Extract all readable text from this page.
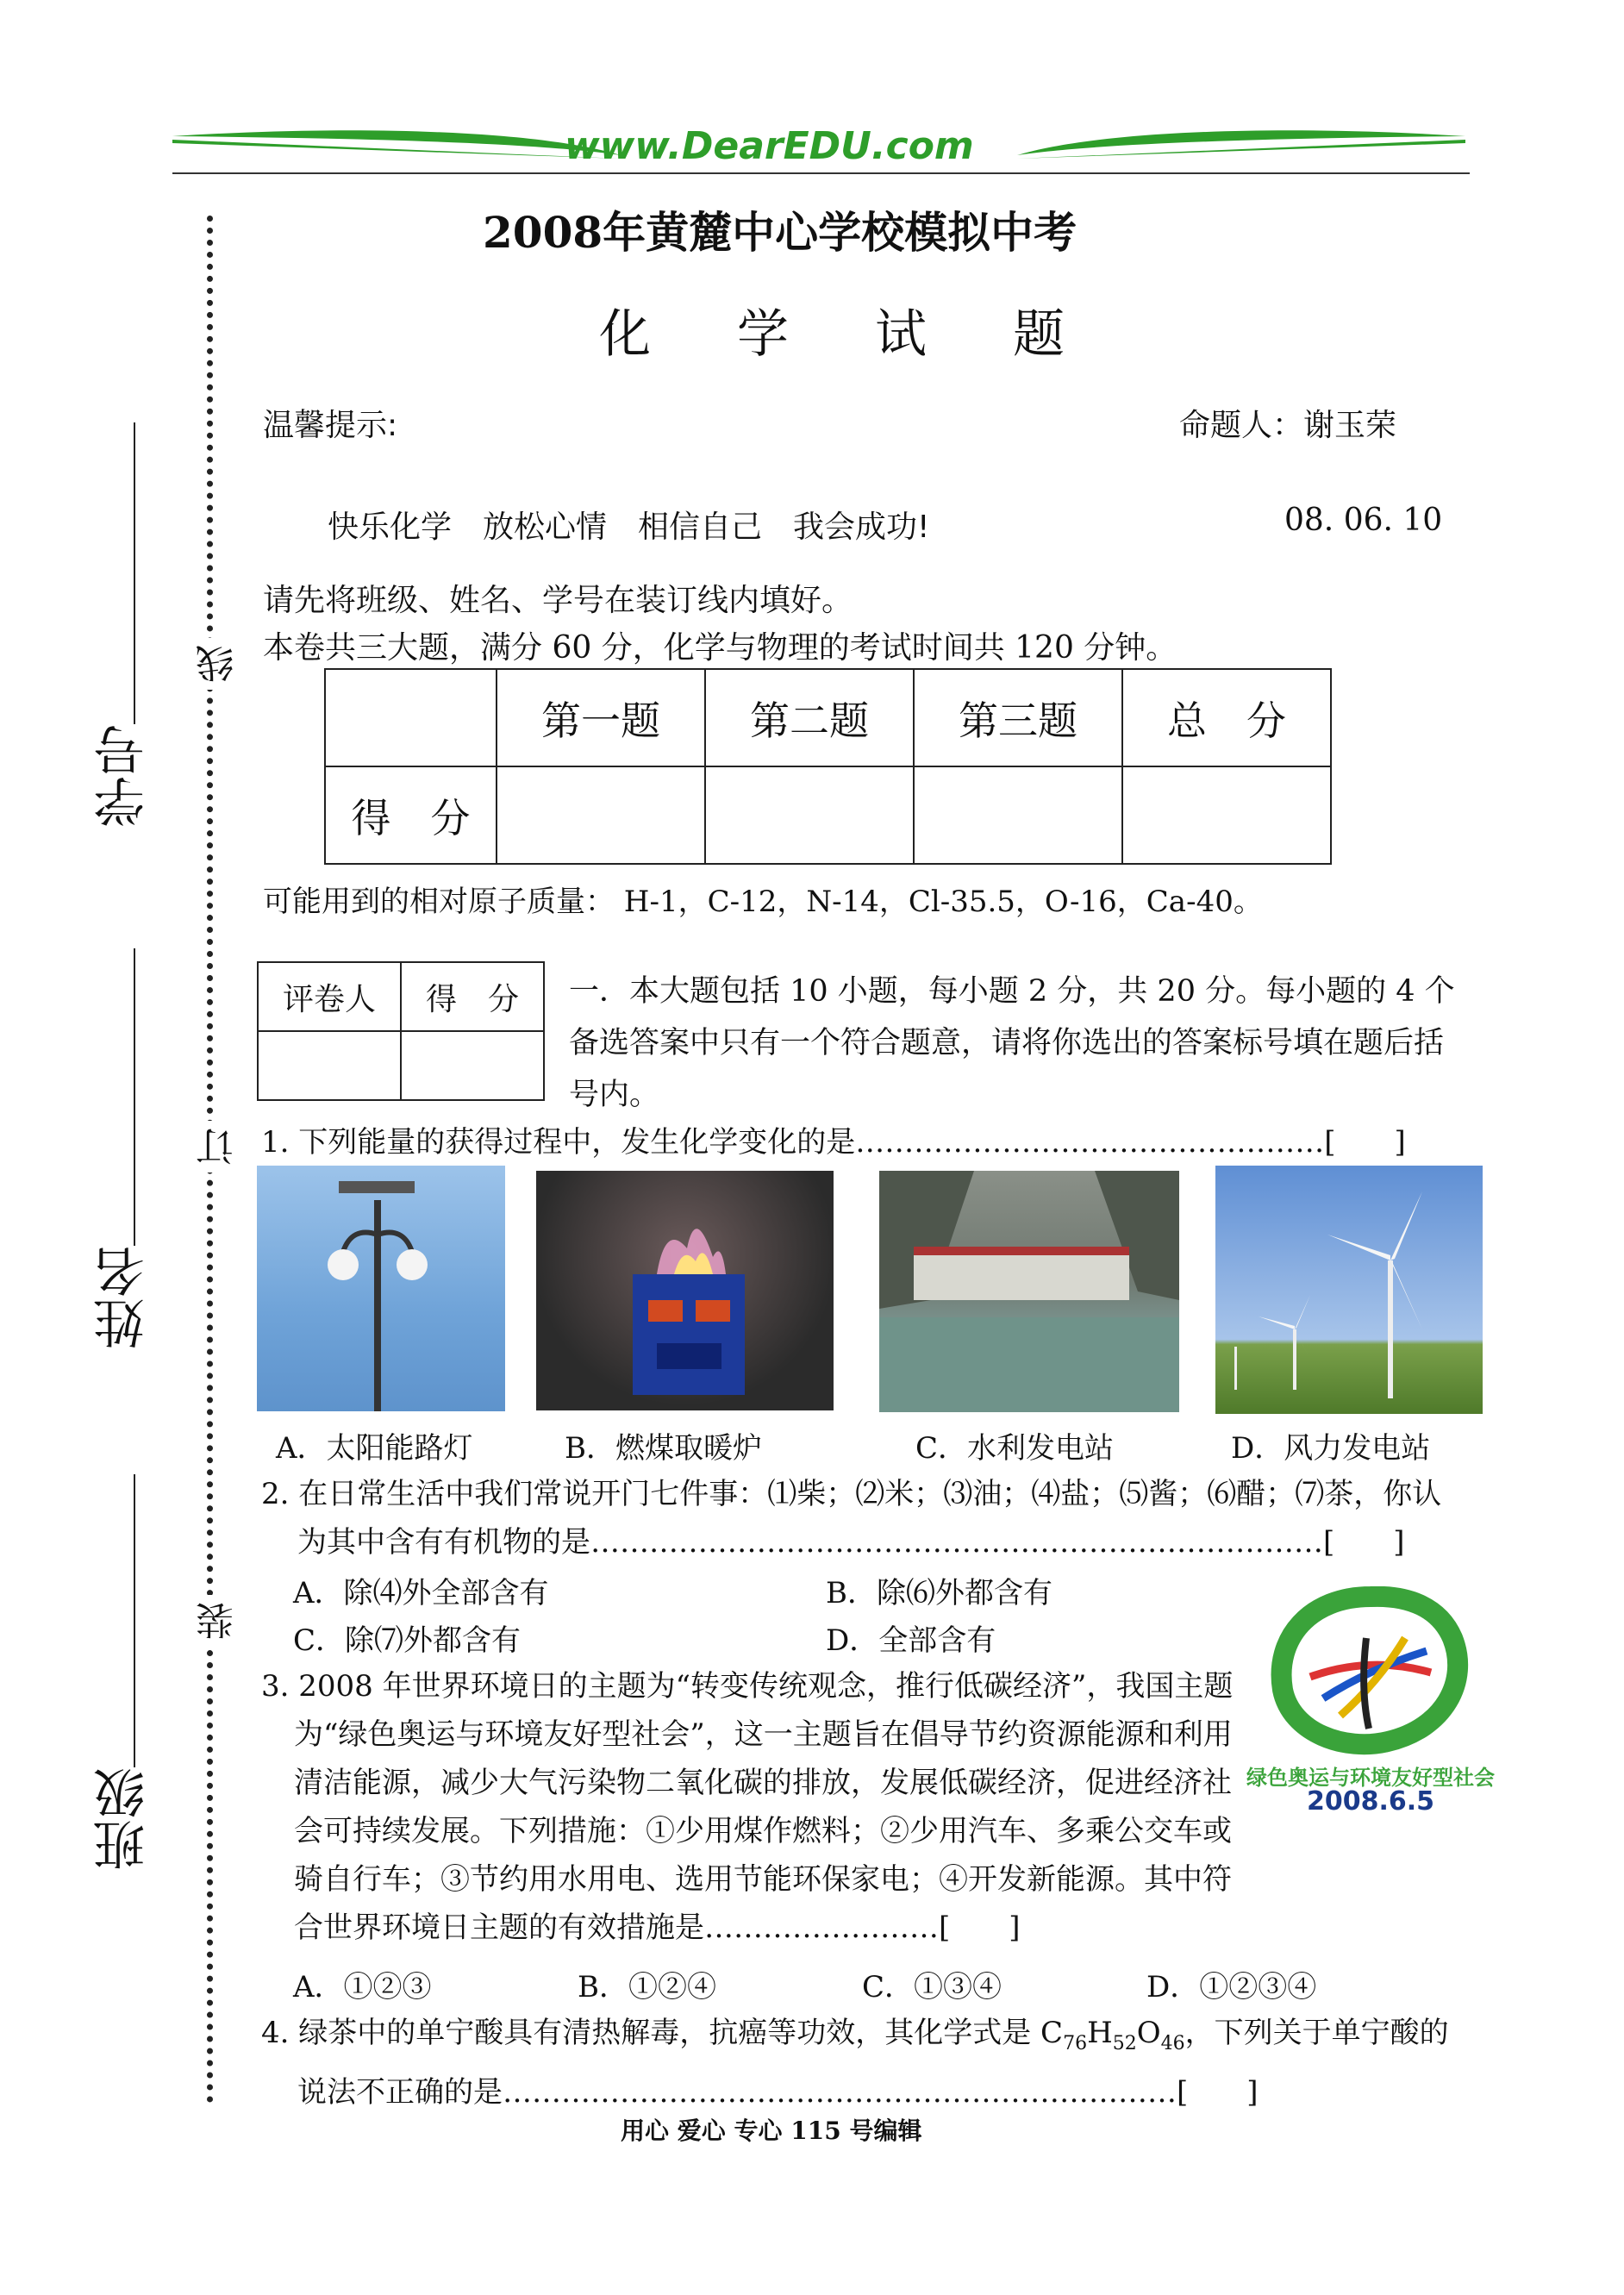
www.DearEDU.com
线
订
装
学号
姓名
班级
2008年黄麓中心学校模拟中考
化学试题
温馨提示:	命题人：谢玉荣
快乐化学　放松心情　相信自己　我会成功!	08. 06. 10
请先将班级、姓名、学号在装订线内填好。
本卷共三大题，满分 60 分，化学与物理的考试时间共 120 分钟。
	第一题	第二题	第三题	总　分
得　分				
可能用到的相对原子质量： H-1，C-12，N-14，Cl-35.5，O-16，Ca-40。
评卷人	得　分
	一．本大题包括 10 小题，每小题 2 分，共 20 分。每小题的 4 个备选答案中只有一个符合题意，请将你选出的答案标号填在题后括号内。
1. 下列能量的获得过程中，发生化学变化的是…………………………………………[　　]
A．太阳能路灯	B．燃煤取暖炉	C．水利发电站	D．风力发电站
2. 在日常生活中我们常说开门七件事：⑴柴；⑵米；⑶油；⑷盐；⑸酱；⑹醋；⑺茶，你认为其中含有有机物的是…………………………………………………………………[　　]
A．除⑷外全部含有	B．除⑹外都含有
C．除⑺外都含有	D．全部含有
绿色奥运与环境友好型社会
2008.6.5
3. 2008 年世界环境日的主题为“转变传统观念，推行低碳经济”，我国主题为“绿色奥运与环境友好型社会”，这一主题旨在倡导节约资源能源和利用清洁能源，减少大气污染物二氧化碳的排放，发展低碳经济，促进经济社会可持续发展。下列措施：①少用煤作燃料；②少用汽车、多乘公交车或骑自行车；③节约用水用电、选用节能环保家电；④开发新能源。其中符合世界环境日主题的有效措施是……………………[　　]
A．①②③	B．①②④	C．①③④	D．①②③④
4. 绿茶中的单宁酸具有清热解毒，抗癌等功效，其化学式是 $C_{76}H_{52}O_{46}$，下列关于单宁酸的说法不正确的是……………………………………………………………[　　]
用心 爱心 专心 115 号编辑
